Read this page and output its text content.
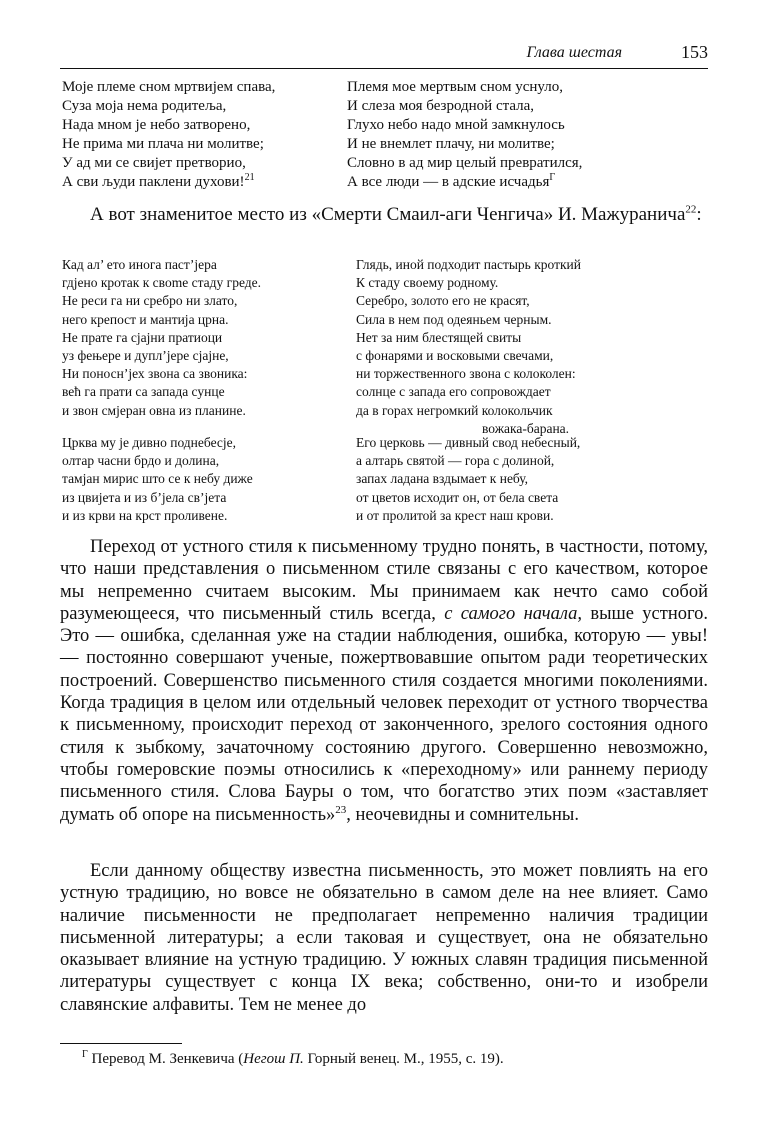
Глава шестая	153
Моје племе сном мртвијем спава,
Суза моја нема родитеља,
Нада мном је небо затворено,
Не прима ми плача ни молитве;
У ад ми се свијет претворио,
А сви људи паклени духови!$^{21}$
Племя мое мертвым сном уснуло,
И слеза моя безродной стала,
Глухо небо надо мной замкнулось
И не внемлет плачу, ни молитве;
Словно в ад мир целый превратился,
А все люди — в адские исчадья$^Г$
А вот знаменитое место из «Смерти Смаил-аги Ченгича» И. Мажуранича$^{22}$:
Кад ал’ ето инога паст’јера
гдјено кротак к свome стаду греде.
Не реси га ни сребро ни злато,
него крепост и мантија црна.
Не прате га сјајни пратиоци
уз фењере и дупл’јере сјајне,
Ни поносн’јех звона са звоника:
већ га прати са запада сунце
и звон смјеран овна из планине.
Глядь, иной подходит пастырь кроткий
К стаду своему родному.
Серебро, золото его не красят,
Сила в нем под одеяньем черным.
Нет за ним блестящей свиты
с фонарями и восковыми свечами,
ни торжественного звона с колоколен:
солнце с запада его сопровождает
да в горах негромкий колокольчик
вожака-барана.
Црква му је дивно поднебесје,
олтар часни брдо и долина,
тамјан мирис што се к небу диже
из цвијета и из б’јела св’јета
и из крви на крст проливене.
Его церковь — дивный свод небесный,
а алтарь святой — гора с долиной,
запах ладана вздымает к небу,
от цветов исходит он, от бела света
и от пролитой за крест наш крови.
Переход от устного стиля к письменному трудно понять, в частности, потому, что наши представления о письменном стиле связаны с его качеством, которое мы непременно считаем высоким. Мы принимаем как нечто само собой разумеющееся, что письменный стиль всегда, с самого начала, выше устного. Это — ошибка, сделанная уже на стадии наблюдения, ошибка, которую — увы! — постоянно совершают ученые, пожертвовавшие опытом ради теоретических построений. Совершенство письменного стиля создается многими поколениями. Когда традиция в целом или отдельный человек переходит от устного творчества к письменному, происходит переход от законченного, зрелого состояния одного стиля к зыбкому, зачаточному состоянию другого. Совершенно невозможно, чтобы гомеровские поэмы относились к «переходному» или раннему периоду письменного стиля. Слова Бауры о том, что богатство этих поэм «заставляет думать об опоре на письменность»$^{23}$, неочевидны и сомнительны.
Если данному обществу известна письменность, это может повлиять на его устную традицию, но вовсе не обязательно в самом деле на нее влияет. Само наличие письменности не предполагает непременно наличия традиции письменной литературы; а если таковая и существует, она не обязательно оказывает влияние на устную традицию. У южных славян традиция письменной литературы существует с конца IX века; собственно, они-то и изобрели славянские алфавиты. Тем не менее до
$^Г$ Перевод М. Зенкевича (Негош П. Горный венец. М., 1955, с. 19).
